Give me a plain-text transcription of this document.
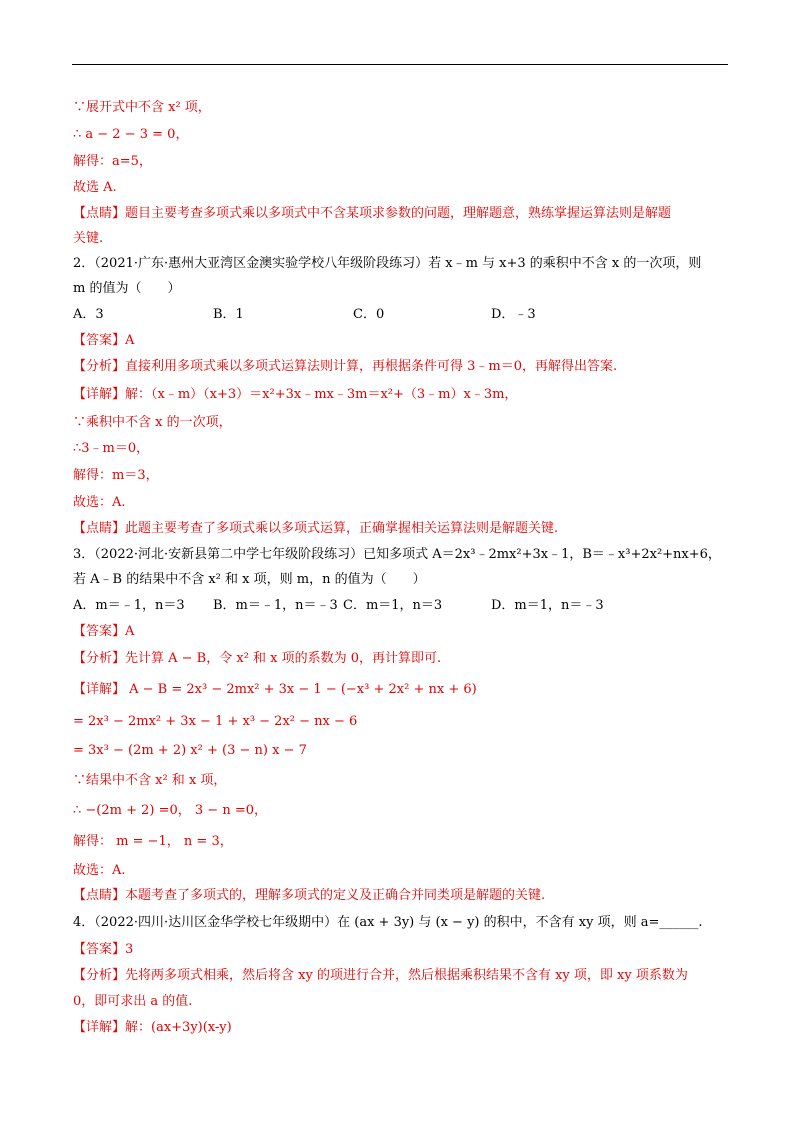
∵展开式中不含 x² 项，
∴ a − 2 − 3 = 0，
解得：a=5，
故选 A.
【点睛】题目主要考查多项式乘以多项式中不含某项求参数的问题，理解题意，熟练掌握运算法则是解题
关键.
2．（2021·广东·惠州大亚湾区金澳实验学校八年级阶段练习）若 x﹣m 与 x+3 的乘积中不含 x 的一次项，则
m 的值为（　　）
A．3	B．1	C．0	D．﹣3
【答案】A
【分析】直接利用多项式乘以多项式运算法则计算，再根据条件可得 3﹣m＝0，再解得出答案.
【详解】解：（x﹣m）（x+3）＝x²+3x﹣mx﹣3m＝x²+（3﹣m）x﹣3m，
∵乘积中不含 x 的一次项，
∴3﹣m＝0，
解得：m＝3，
故选：A.
【点睛】此题主要考查了多项式乘以多项式运算，正确掌握相关运算法则是解题关键.
3．（2022·河北·安新县第二中学七年级阶段练习）已知多项式 A＝2x³﹣2mx²+3x﹣1，B＝﹣x³+2x²+nx+6，
若 A﹣B 的结果中不含 x² 和 x 项，则 m，n 的值为（　　）
A．m＝﹣1，n＝3 B．m＝﹣1，n＝﹣3 C．m＝1，n＝3	D．m＝1，n＝﹣3
【答案】A
【分析】先计算 A − B，令 x² 和 x 项的系数为 0，再计算即可.
【详解】 A − B = 2x³ − 2mx² + 3x − 1 − (−x³ + 2x² + nx + 6)
= 2x³ − 2mx² + 3x − 1 + x³ − 2x² − nx − 6
= 3x³ − (2m + 2) x² + (3 − n) x − 7
∵结果中不含 x² 和 x 项，
∴ −(2m + 2) =0， 3 − n =0，
解得： m = −1， n = 3，
故选：A.
【点睛】本题考查了多项式的，理解多项式的定义及正确合并同类项是解题的关键.
4．（2022·四川·达川区金华学校七年级期中）在 (ax + 3y) 与 (x − y) 的积中，不含有 xy 项，则 a=______.
【答案】3
【分析】先将两多项式相乘，然后将含 xy 的项进行合并，然后根据乘积结果不含有 xy 项，即 xy 项系数为
0，即可求出 a 的值.
【详解】解：(ax+3y)(x-y)
